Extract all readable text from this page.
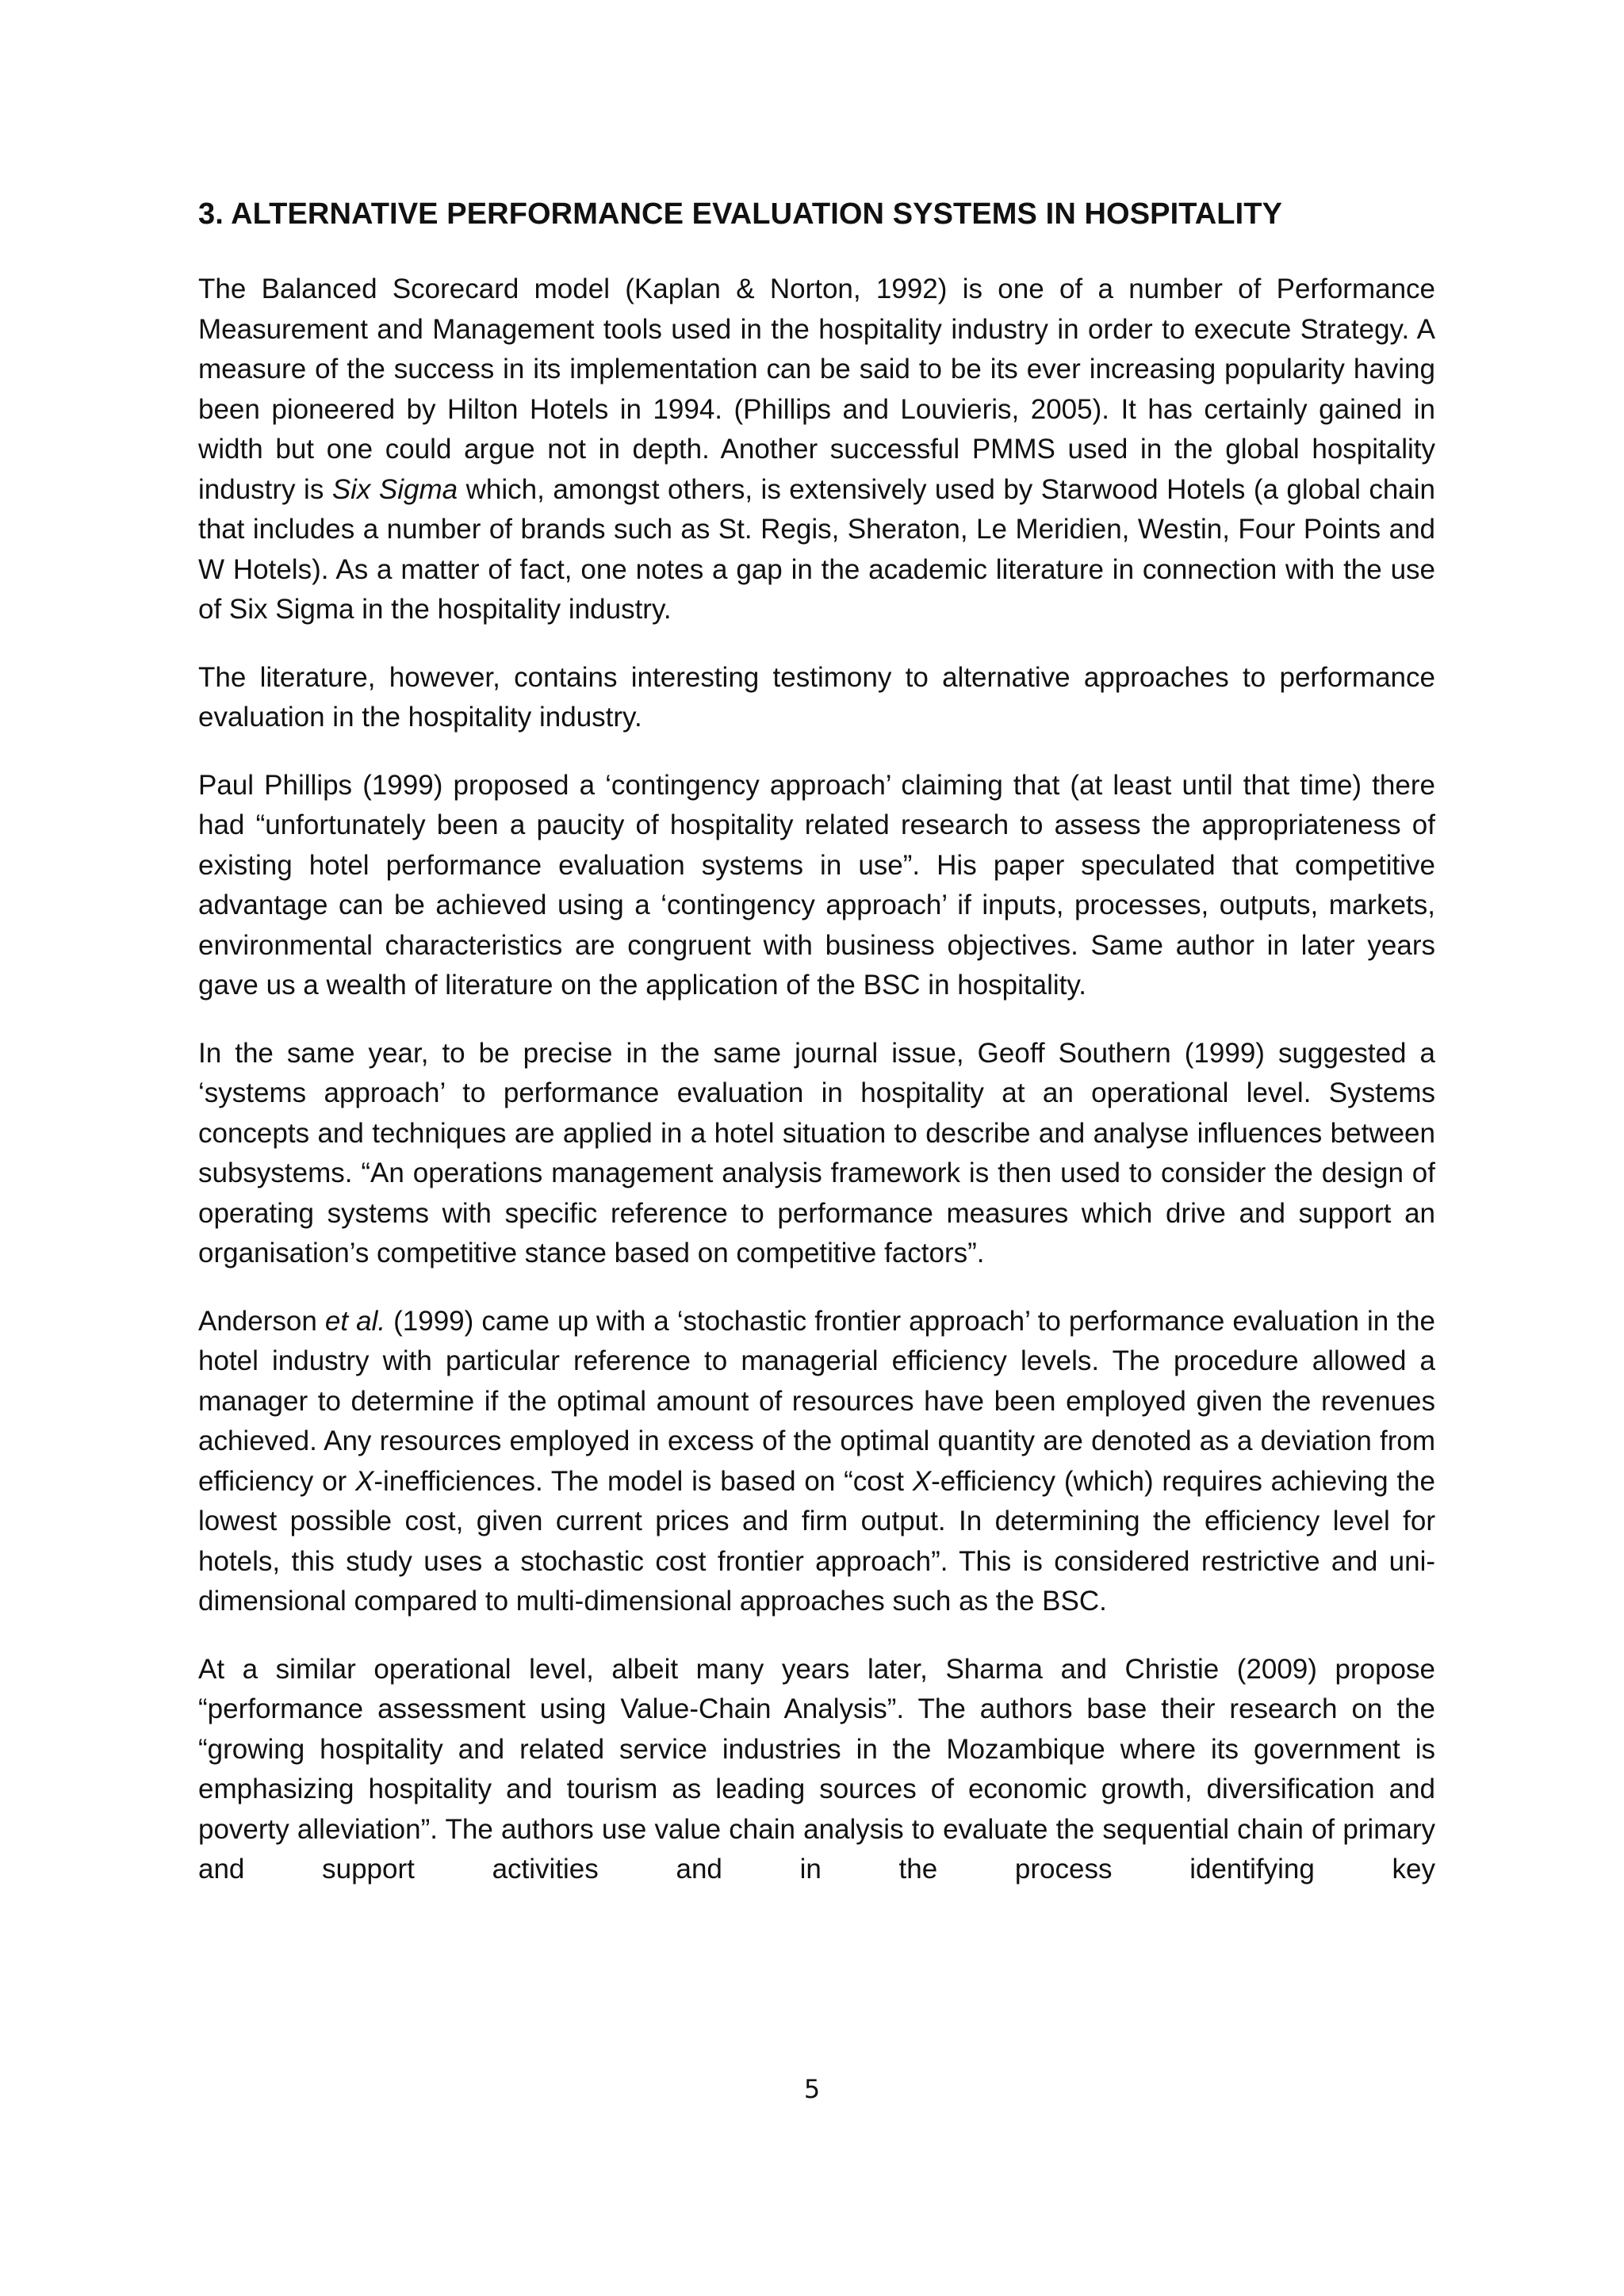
3. ALTERNATIVE PERFORMANCE EVALUATION SYSTEMS IN HOSPITALITY

The Balanced Scorecard model (Kaplan & Norton, 1992) is one of a number of Performance Measurement and Management tools used in the hospitality industry in order to execute Strategy. A measure of the success in its implementation can be said to be its ever increasing popularity having been pioneered by Hilton Hotels in 1994. (Phillips and Louvieris, 2005). It has certainly gained in width but one could argue not in depth. Another successful PMMS used in the global hospitality industry is Six Sigma which, amongst others, is extensively used by Starwood Hotels (a global chain that includes a number of brands such as St. Regis, Sheraton, Le Meridien, Westin, Four Points and W Hotels). As a matter of fact, one notes a gap in the academic literature in connection with the use of Six Sigma in the hospitality industry.

The literature, however, contains interesting testimony to alternative approaches to performance evaluation in the hospitality industry.

Paul Phillips (1999) proposed a ‘contingency approach’ claiming that (at least until that time) there had “unfortunately been a paucity of hospitality related research to assess the appropriateness of existing hotel performance evaluation systems in use”. His paper speculated that competitive advantage can be achieved using a ‘contingency approach’ if inputs, processes, outputs, markets, environmental characteristics are congruent with business objectives. Same author in later years gave us a wealth of literature on the application of the BSC in hospitality.

In the same year, to be precise in the same journal issue, Geoff Southern (1999) suggested a ‘systems approach’ to performance evaluation in hospitality at an operational level. Systems concepts and techniques are applied in a hotel situation to describe and analyse influences between subsystems. “An operations management analysis framework is then used to consider the design of operating systems with specific reference to performance measures which drive and support an organisation’s competitive stance based on competitive factors”.

Anderson et al. (1999) came up with a ‘stochastic frontier approach’ to performance evaluation in the hotel industry with particular reference to managerial efficiency levels. The procedure allowed a manager to determine if the optimal amount of resources have been employed given the revenues achieved. Any resources employed in excess of the optimal quantity are denoted as a deviation from efficiency or X-inefficiences. The model is based on “cost X-efficiency (which) requires achieving the lowest possible cost, given current prices and firm output. In determining the efficiency level for hotels, this study uses a stochastic cost frontier approach”. This is considered restrictive and uni-dimensional compared to multi-dimensional approaches such as the BSC.

At a similar operational level, albeit many years later, Sharma and Christie (2009) propose “performance assessment using Value-Chain Analysis”. The authors base their research on the “growing hospitality and related service industries in the Mozambique where its government is emphasizing hospitality and tourism as leading sources of economic growth, diversification and poverty alleviation”. The authors use value chain analysis to evaluate the sequential chain of primary and support activities and in the process identifying key

5
